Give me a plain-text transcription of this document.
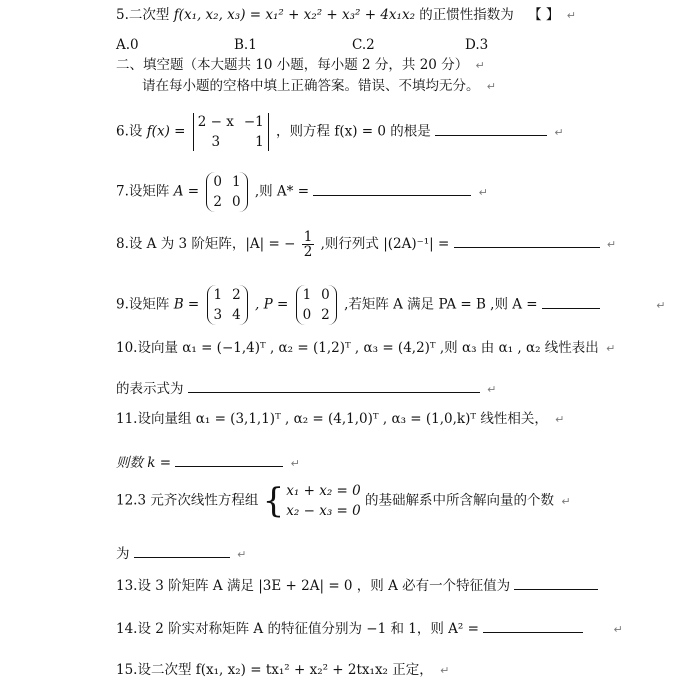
5.二次型 f(x₁, x₂, x₃) = x₁² + x₂² + x₃² + 4x₁x₂ 的正惯性指数为 【 】 ↵
A.0	B.1	C.2	D.3
二、填空题（本大题共 10 小题，每小题 2 分，共 20 分） ↵
请在每小题的空格中填上正确答案。错误、不填均无分。 ↵
6.设 f(x) =
2 − x −1
3	1
，则方程 f(x) = 0 的根是	↵
7.设矩阵 A =
0 1
2 0
,则 A* =	↵
8.设 A 为 3 阶矩阵，|A| = − $\frac{1}{2}$ ,则行列式 |(2A)⁻¹| =	↵
9.设矩阵 B =
1 2
3 4
, P =
1 0
0 2
,若矩阵 A 满足 PA = B ,则 A =	↵
10.设向量 α₁ = (−1,4)ᵀ , α₂ = (1,2)ᵀ , α₃ = (4,2)ᵀ ,则 α₃ 由 α₁ , α₂ 线性表出 ↵
的表示式为	↵
11.设向量组 α₁ = (3,1,1)ᵀ , α₂ = (4,1,0)ᵀ , α₃ = (1,0,k)ᵀ 线性相关， ↵
则数 k =	↵
12.3 元齐次线性方程组 { x₁ + x₂ = 0
x₂ − x₃ = 0
的基础解系中所含解向量的个数 ↵
为	↵
13.设 3 阶矩阵 A 满足 |3E + 2A| = 0 ，则 A 必有一个特征值为
14.设 2 阶实对称矩阵 A 的特征值分别为 −1 和 1，则 A² =	↵
15.设二次型 f(x₁, x₂) = tx₁² + x₂² + 2tx₁x₂ 正定， ↵
